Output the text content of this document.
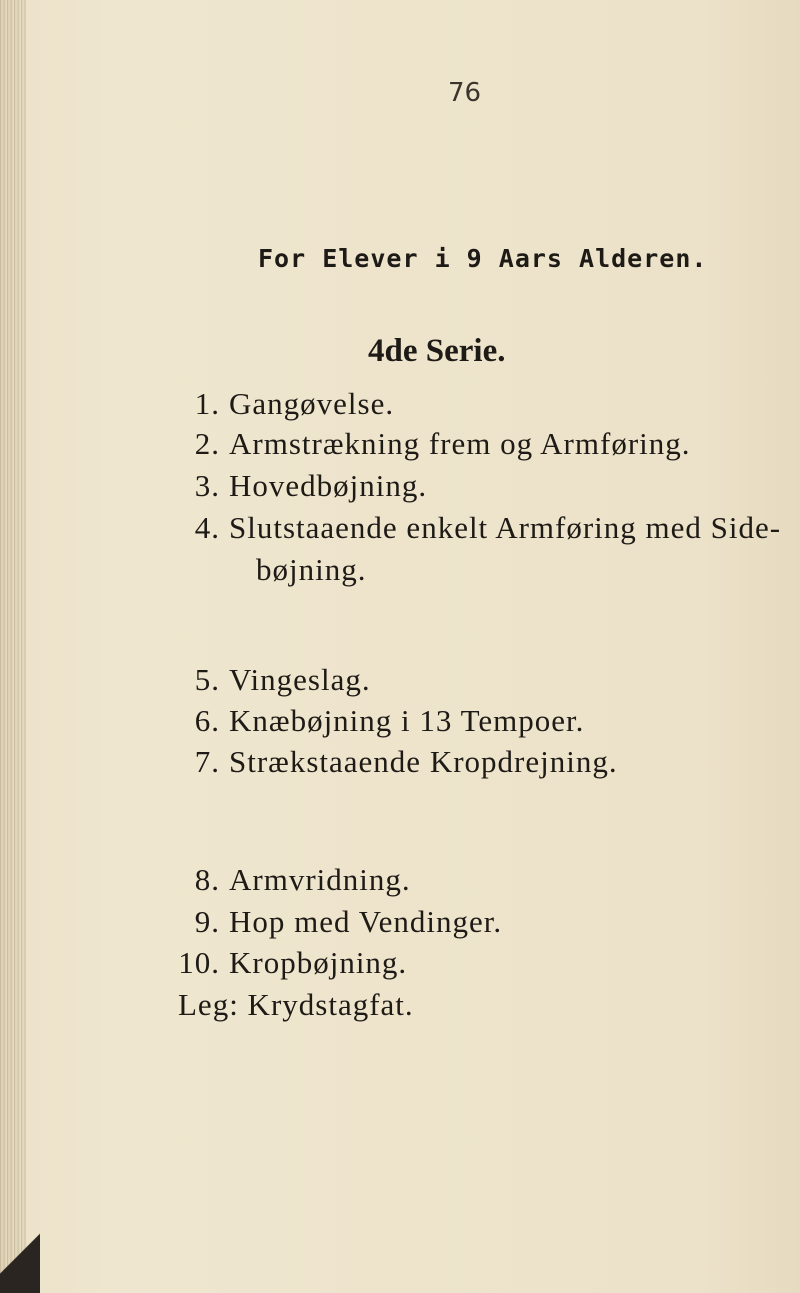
76
For Elever i 9 Aars Alderen.
4de Serie.
1. Gangøvelse.
2. Armstrækning frem og Armføring.
3. Hovedbøjning.
4. Slutstaaende enkelt Armføring med Side-
bøjning.
5. Vingeslag.
6. Knæbøjning i 13 Tempoer.
7. Strækstaaende Kropdrejning.
8. Armvridning.
9. Hop med Vendinger.
10. Kropbøjning.
Leg: Krydstagfat.
